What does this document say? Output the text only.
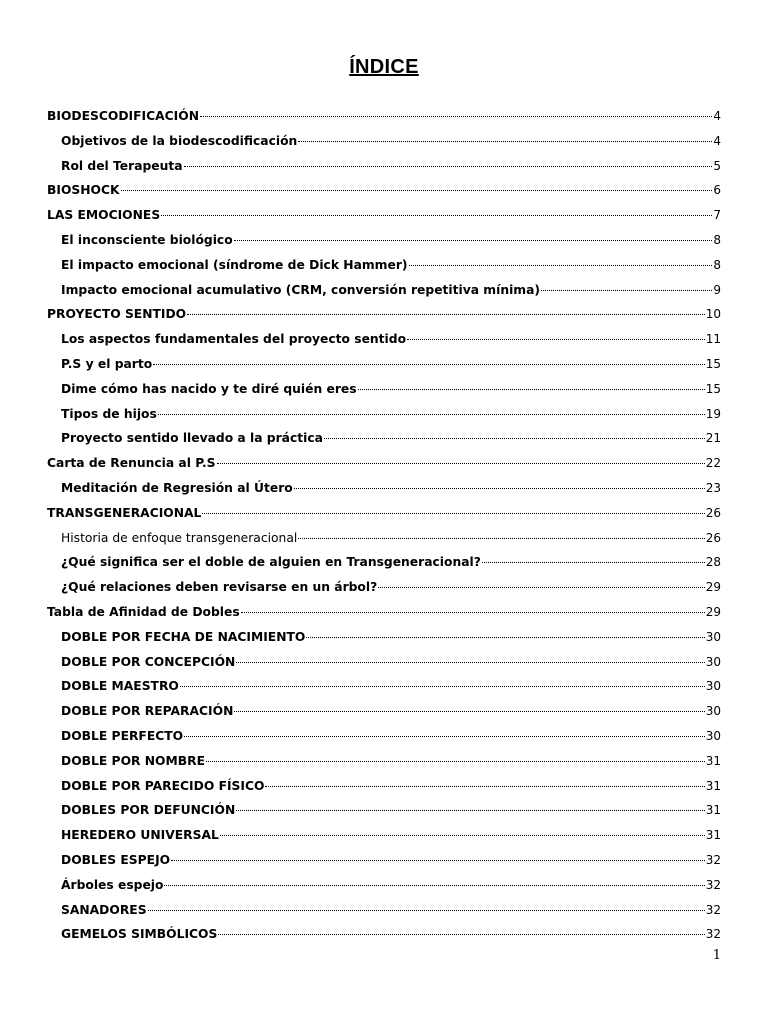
ÍNDICE
BIODESCODIFICACIÓN	4
Objetivos de la biodescodificación	4
Rol del Terapeuta	5
BIOSHOCK	6
LAS EMOCIONES	7
El inconsciente biológico	8
El impacto emocional (síndrome de Dick Hammer)	8
Impacto emocional acumulativo (CRM, conversión repetitiva mínima)	9
PROYECTO SENTIDO	10
Los aspectos fundamentales del proyecto sentido	11
P.S y el parto	15
Dime cómo has nacido y te diré quién eres	15
Tipos de hijos	19
Proyecto sentido llevado a la práctica	21
Carta de Renuncia al P.S	22
Meditación de Regresión al Útero	23
TRANSGENERACIONAL	26
Historia de enfoque transgeneracional	26
¿Qué significa ser el doble de alguien en Transgeneracional?	28
¿Qué relaciones deben revisarse en un árbol?	29
Tabla de Afinidad de Dobles	29
DOBLE POR FECHA DE NACIMIENTO	30
DOBLE POR CONCEPCIÓN	30
DOBLE MAESTRO	30
DOBLE POR REPARACIÓN	30
DOBLE PERFECTO	30
DOBLE POR NOMBRE	31
DOBLE POR PARECIDO FÍSICO	31
DOBLES POR DEFUNCIÓN	31
HEREDERO UNIVERSAL	31
DOBLES ESPEJO	32
Árboles espejo	32
SANADORES	32
GEMELOS SIMBÓLICOS	32
1
